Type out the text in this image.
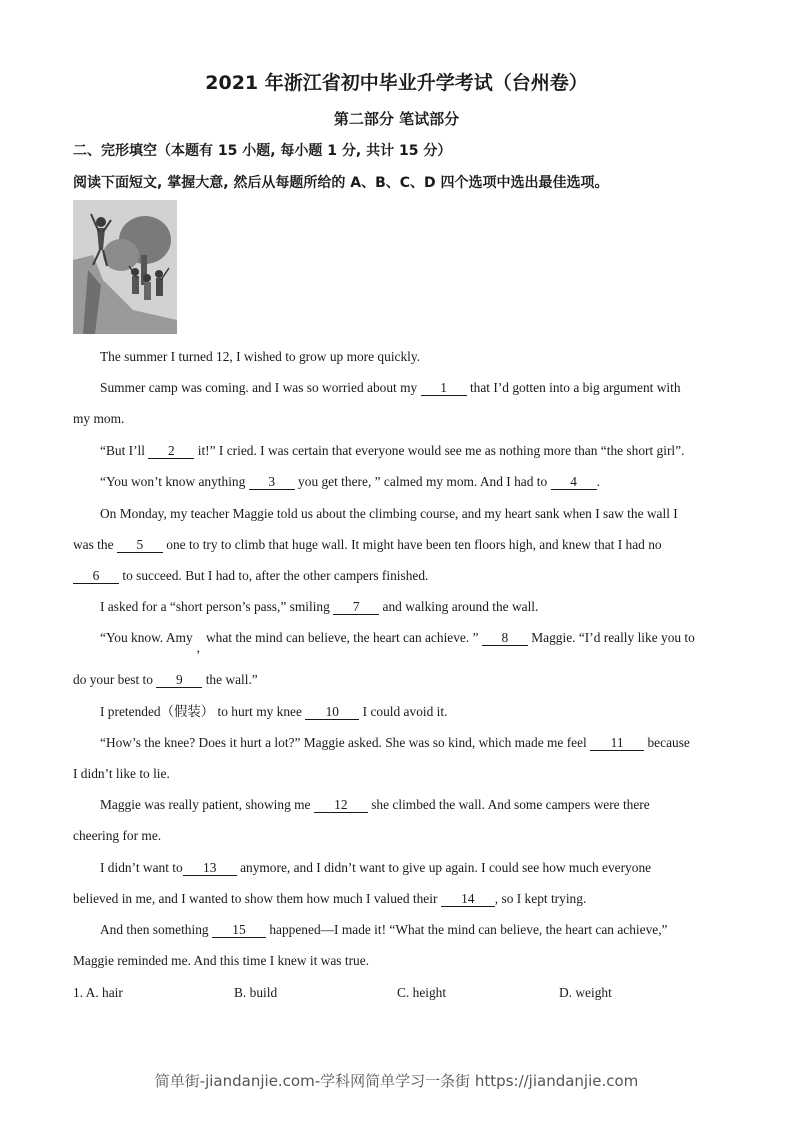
2021 年浙江省初中毕业升学考试（台州卷）
第二部分 笔试部分
二、完形填空（本题有 15 小题, 每小题 1 分, 共计 15 分）
阅读下面短文, 掌握大意, 然后从每题所给的 A、B、C、D 四个选项中选出最佳选项。
The summer I turned 12, I wished to grow up more quickly.
Summer camp was coming. and I was so worried about my 1 that I’d gotten into a big argument with
my mom.
“But I’ll 2 it!” I cried. I was certain that everyone would see me as nothing more than “the short girl”.
“You won’t know anything 3 you get there, ” calmed my mom. And I had to 4 .
On Monday, my teacher Maggie told us about the climbing course, and my heart sank when I saw the wall I
was the 5 one to try to climb that huge wall. It might have been ten floors high, and knew that I had no
6 to succeed. But I had to, after the other campers finished.
I asked for a “short person’s pass,” smiling 7 and walking around the wall.
“You know. Amy,what the mind can believe, the heart can achieve. ” 8 Maggie. “I’d really like you to
do your best to 9 the wall.”
I pretended（假装） to hurt my knee 10 I could avoid it.
“How’s the knee? Does it hurt a lot?” Maggie asked. She was so kind, which made me feel 11 because
I didn’t like to lie.
Maggie was really patient, showing me 12 she climbed the wall. And some campers were there
cheering for me.
I didn’t want to 13 anymore, and I didn’t want to give up again. I could see how much everyone
believed in me, and I wanted to show them how much I valued their 14 , so I kept trying.
And then something 15 happened—I made it! “What the mind can believe, the heart can achieve,”
Maggie reminded me. And this time I knew it was true.
1. A. hair	B. build	C. height	D. weight
简单街-jiandanjie.com-学科网简单学习一条街 https://jiandanjie.com
